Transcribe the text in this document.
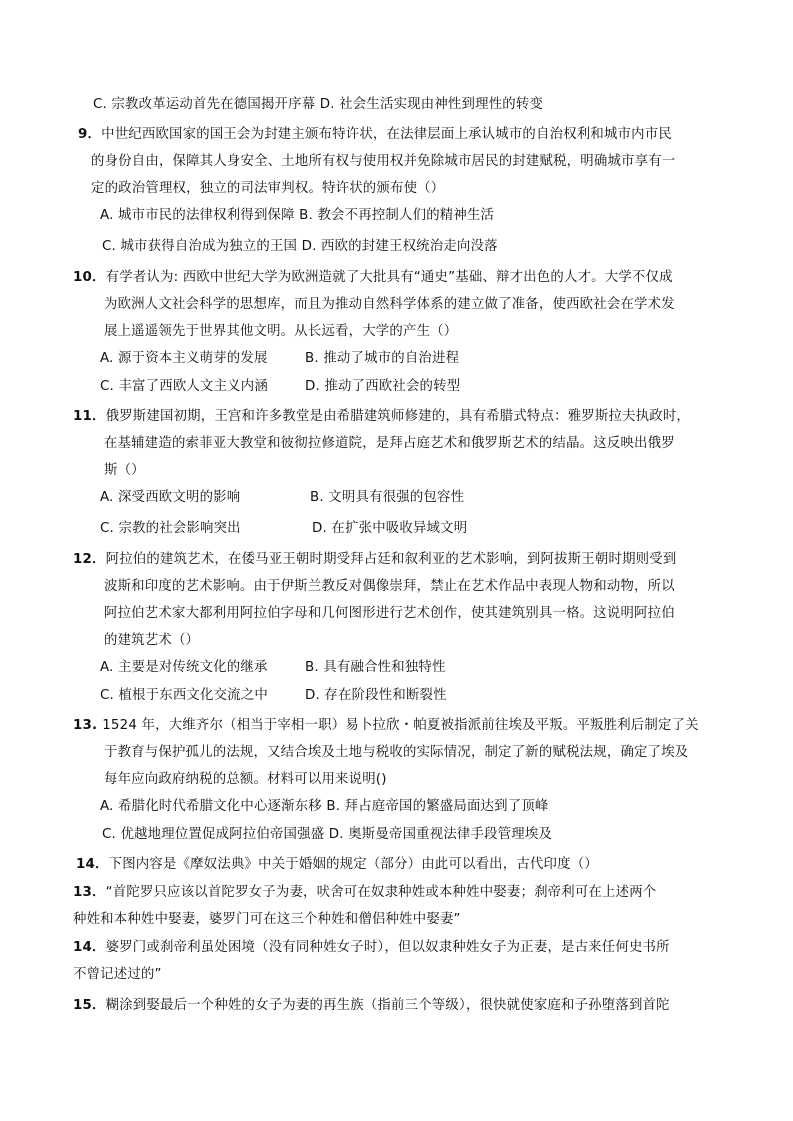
C. 宗教改革运动首先在德国揭开序幕 D. 社会生活实现由神性到理性的转变
9．中世纪西欧国家的国王会为封建主颁布特许状，在法律层面上承认城市的自治权利和城市内市民
的身份自由，保障其人身安全、土地所有权与使用权并免除城市居民的封建赋税，明确城市享有一
定的政治管理权，独立的司法审判权。特许状的颁布使（）
A. 城市市民的法律权利得到保障 B. 教会不再控制人们的精神生活
C. 城市获得自治成为独立的王国 D. 西欧的封建王权统治走向没落
10．有学者认为: 西欧中世纪大学为欧洲造就了大批具有“通史”基础、辩才出色的人才。大学不仅成
为欧洲人文社会科学的思想库，而且为推动自然科学体系的建立做了准备，使西欧社会在学术发
展上遥遥领先于世界其他文明。从长远看，大学的产生（）
A. 源于资本主义萌芽的发展	B. 推动了城市的自治进程
C. 丰富了西欧人文主义内涵	D. 推动了西欧社会的转型
11．俄罗斯建国初期，王宫和许多教堂是由希腊建筑师修建的，具有希腊式特点：雅罗斯拉夫执政时，
在基辅建造的索菲亚大教堂和彼彻拉修道院，是拜占庭艺术和俄罗斯艺术的结晶。这反映出俄罗
斯（）
A. 深受西欧文明的影响	B. 文明具有很强的包容性
C. 宗教的社会影响突出	D. 在扩张中吸收异域文明
12．阿拉伯的建筑艺术，在倭马亚王朝时期受拜占廷和叙利亚的艺术影响，到阿拔斯王朝时期则受到
波斯和印度的艺术影响。由于伊斯兰教反对偶像崇拜，禁止在艺术作品中表现人物和动物，所以
阿拉伯艺术家大都利用阿拉伯字母和几何图形进行艺术创作，使其建筑别具一格。这说明阿拉伯
的建筑艺术（）
A. 主要是对传统文化的继承	B. 具有融合性和独特性
C. 植根于东西文化交流之中	D. 存在阶段性和断裂性
13. 1524 年，大维齐尔（相当于宰相一职）易卜拉欣・帕夏被指派前往埃及平叛。平叛胜利后制定了关
于教育与保护孤儿的法规，又结合埃及土地与税收的实际情况，制定了新的赋税法规，确定了埃及
每年应向政府纳税的总额。材料可以用来说明()
A. 希腊化时代希腊文化中心逐渐东移 B. 拜占庭帝国的繁盛局面达到了顶峰
C. 优越地理位置促成阿拉伯帝国强盛 D. 奥斯曼帝国重视法律手段管理埃及
14．下图内容是《摩奴法典》中关于婚姻的规定（部分）由此可以看出，古代印度（）
13．“首陀罗只应该以首陀罗女子为妻，吠舍可在奴隶种姓或本种姓中娶妻；刹帝利可在上述两个
种姓和本种姓中娶妻，婆罗门可在这三个种姓和僧侣种姓中娶妻”
14．婆罗门或刹帝利虽处困境（没有同种姓女子时），但以奴隶种姓女子为正妻，是古来任何史书所
不曾记述过的”
15．糊涂到娶最后一个种姓的女子为妻的再生族（指前三个等级），很快就使家庭和子孙堕落到首陀
